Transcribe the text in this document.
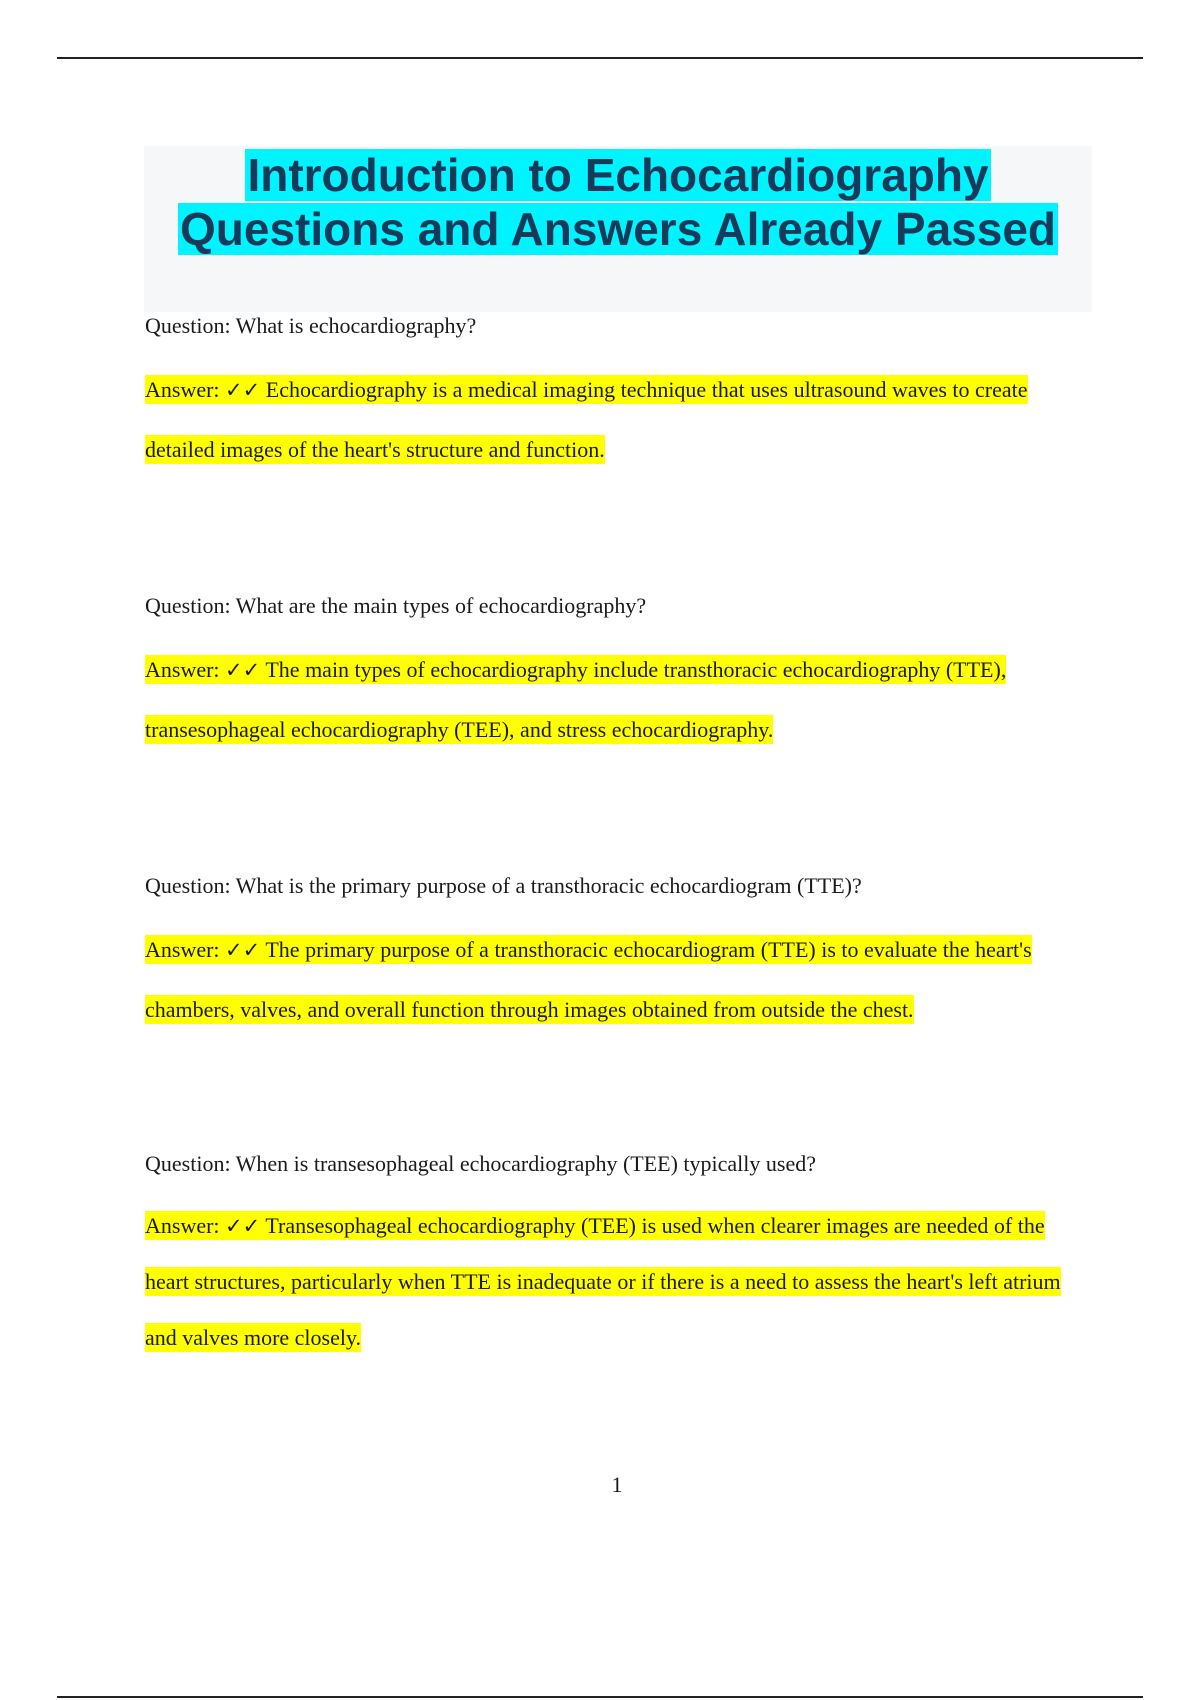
Introduction to Echocardiography
Questions and Answers Already Passed

Question: What is echocardiography?

Answer: ✓✓ Echocardiography is a medical imaging technique that uses ultrasound waves to create detailed images of the heart's structure and function.

Question: What are the main types of echocardiography?

Answer: ✓✓ The main types of echocardiography include transthoracic echocardiography (TTE), transesophageal echocardiography (TEE), and stress echocardiography.

Question: What is the primary purpose of a transthoracic echocardiogram (TTE)?

Answer: ✓✓ The primary purpose of a transthoracic echocardiogram (TTE) is to evaluate the heart's chambers, valves, and overall function through images obtained from outside the chest.

Question: When is transesophageal echocardiography (TEE) typically used?

Answer: ✓✓ Transesophageal echocardiography (TEE) is used when clearer images are needed of the heart structures, particularly when TTE is inadequate or if there is a need to assess the heart's left atrium and valves more closely.

1
